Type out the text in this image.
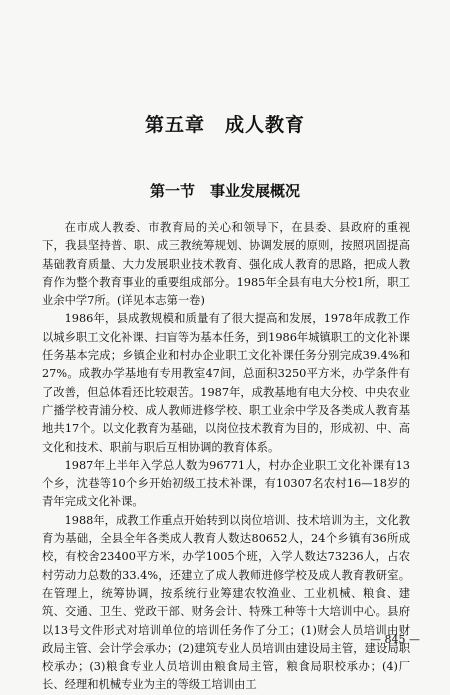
第五章　成人教育
第一节　事业发展概况

在市成人教委、市教育局的关心和领导下，在县委、县政府的重视下，我县坚持普、职、成三教统筹规划、协调发展的原则，按照巩固提高基础教育质量、大力发展职业技术教育、强化成人教育的思路，把成人教育作为整个教育事业的重要组成部分。1985年全县有电大分校1所，职工业余中学7所。(详见本志第一卷)

1986年，县成教规模和质量有了很大提高和发展，1978年成教工作以城乡职工文化补课、扫盲等为基本任务，到1986年城镇职工的文化补课任务基本完成；乡镇企业和村办企业职工文化补课任务分别完成39.4%和27%。成教办学基地有专用教室47间，总面积3250平方米，办学条件有了改善，但总体看还比较艰苦。1987年，成教基地有电大分校、中央农业广播学校青浦分校、成人教师进修学校、职工业余中学及各类成人教育基地共17个。以文化教育为基础，以岗位技术教育为目的，形成初、中、高文化和技术、职前与职后互相协调的教育体系。

1987年上半年入学总人数为96771人，村办企业职工文化补课有13个乡，沈巷等10个乡开始初级工技术补课，有10307名农村16—18岁的青年完成文化补课。

1988年，成教工作重点开始转到以岗位培训、技术培训为主，文化教育为基础，全县全年各类成人教育人数达80652人，24个乡镇有36所成校，有校舍23400平方米，办学1005个班，入学人数达73236人，占农村劳动力总数的33.4%，还建立了成人教师进修学校及成人教育教研室。在管理上，统筹协调，按系统行业筹建农牧渔业、工业机械、粮食、建筑、交通、卫生、党政干部、财务会计、特殊工种等十大培训中心。县府以13号文件形式对培训单位的培训任务作了分工；(1)财会人员培训由财政局主管、会计学会承办；(2)建筑专业人员培训由建设局主管，建设局职校承办；(3)粮食专业人员培训由粮食局主管，粮食局职校承办；(4)厂长、经理和机械专业为主的等级工培训由工

— 845 —
